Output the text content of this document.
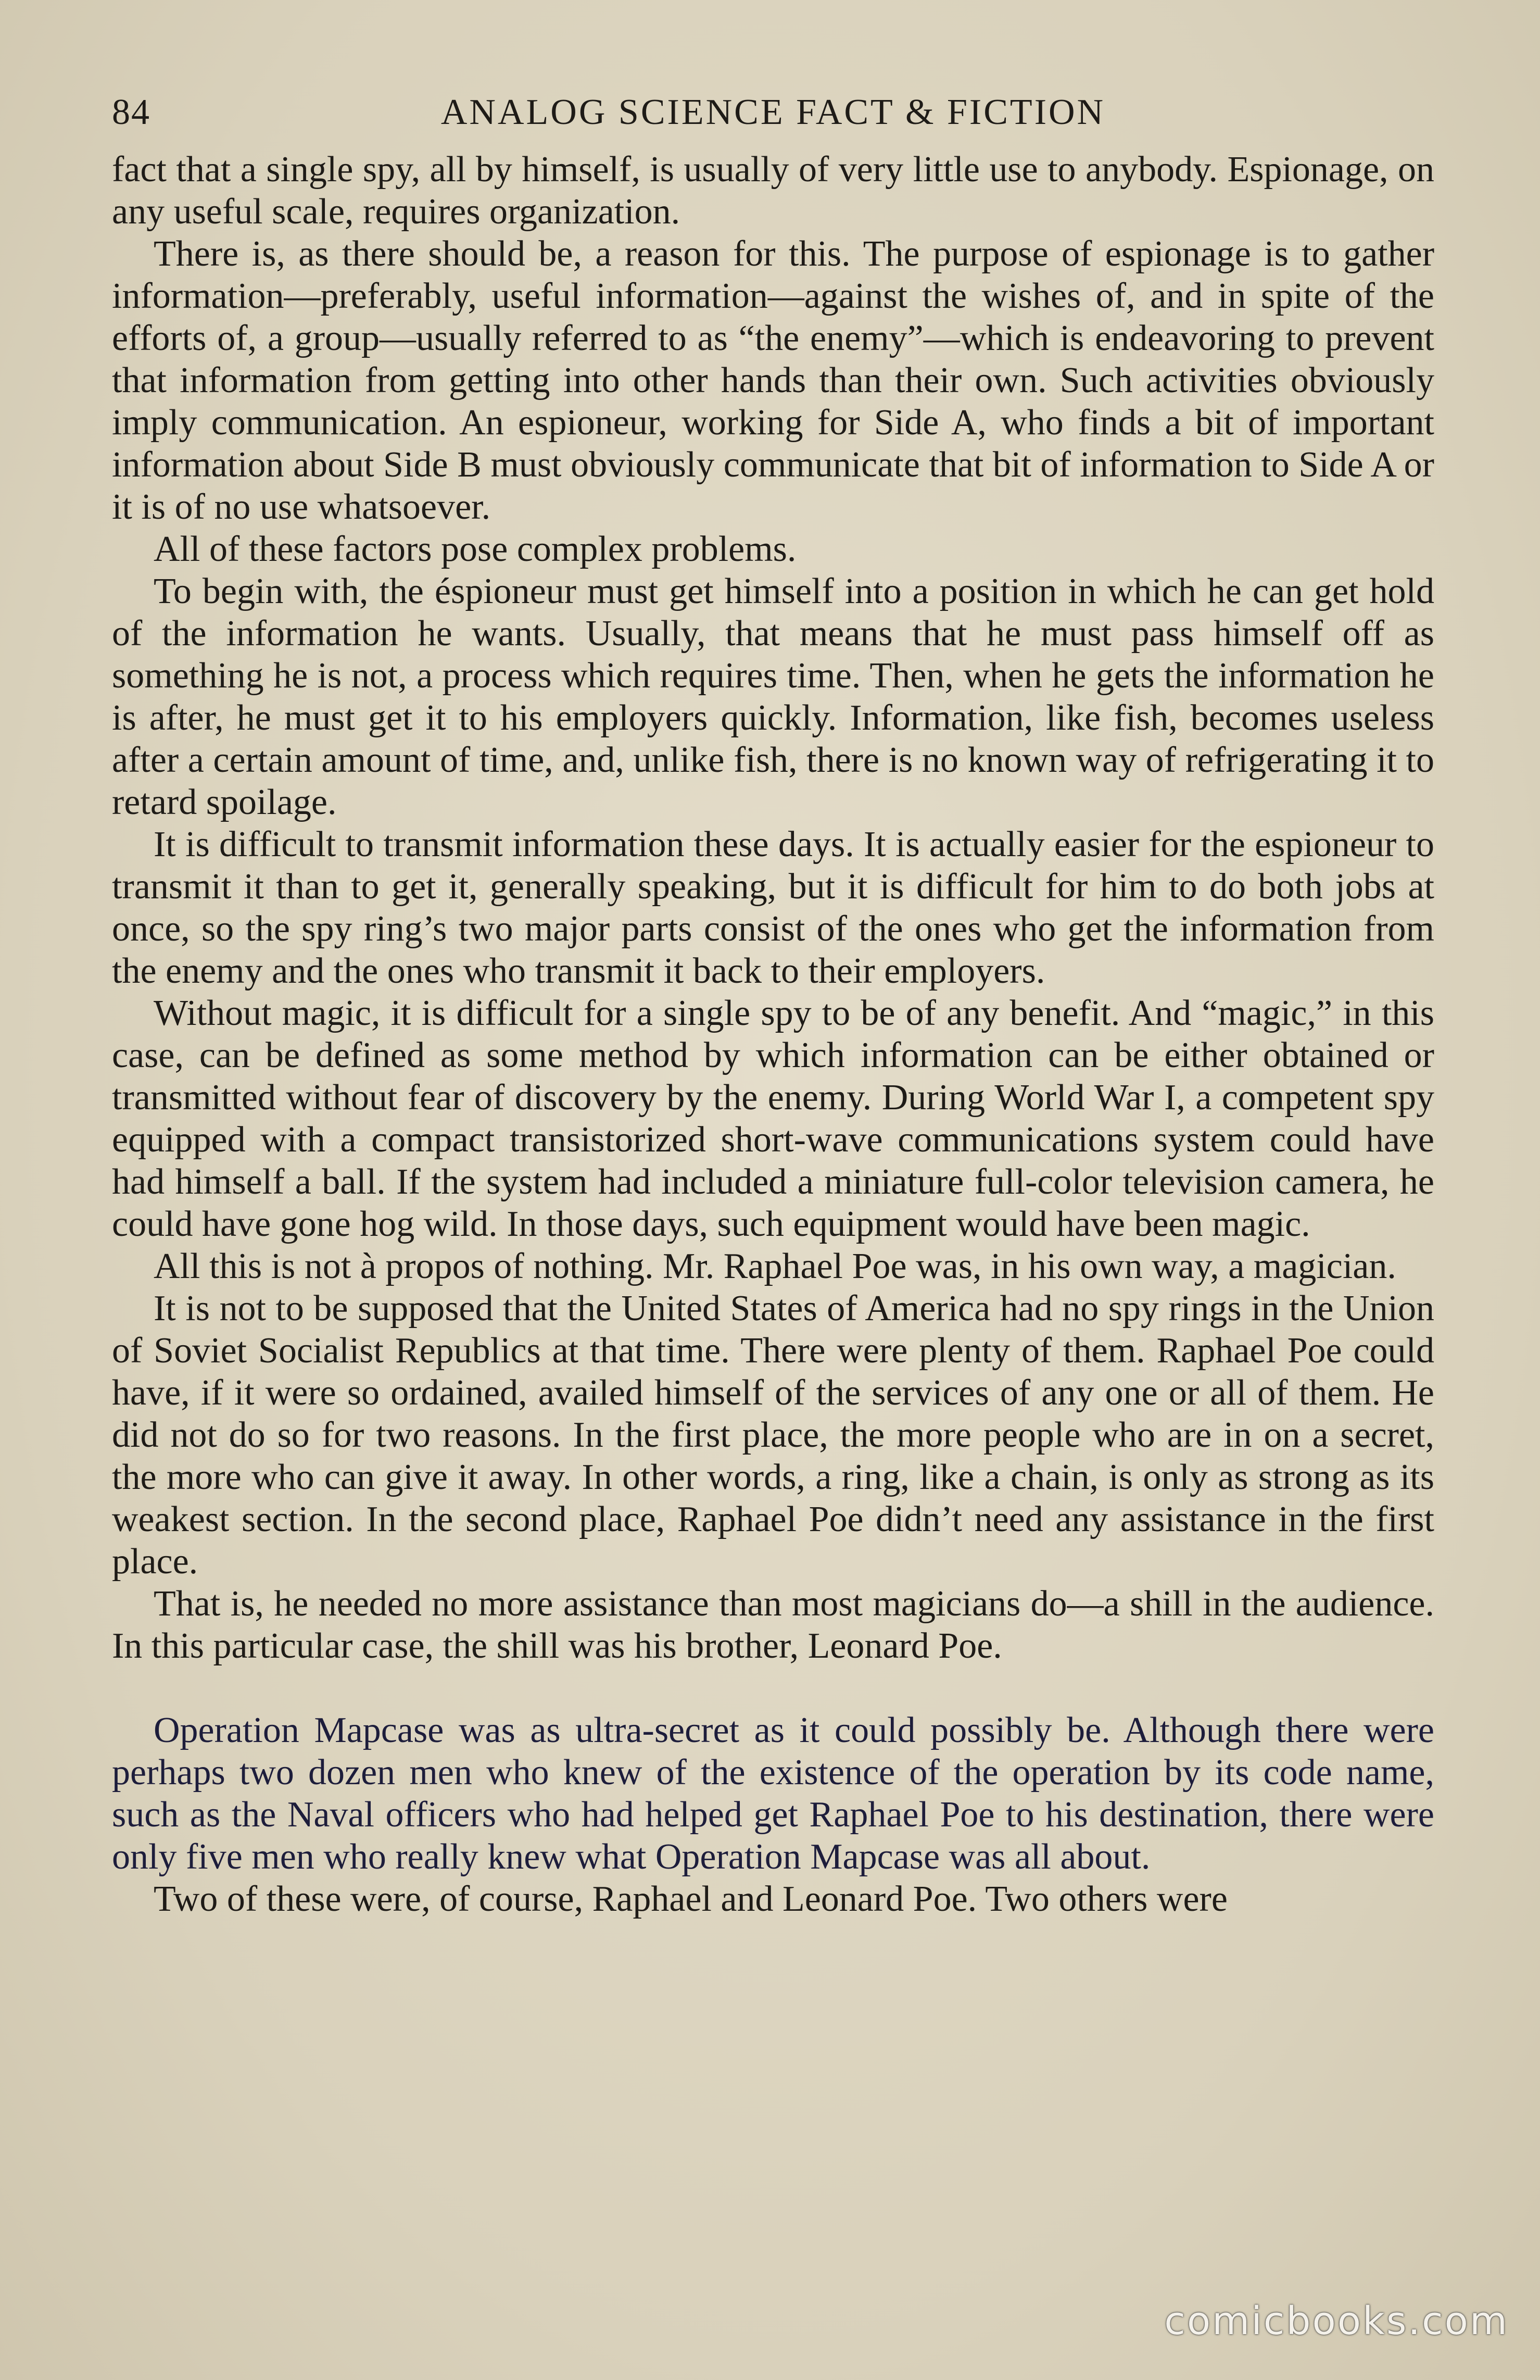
84	ANALOG SCIENCE FACT & FICTION

fact that a single spy, all by himself, is usually of very little use to anybody. Espionage, on any useful scale, requires organization.

There is, as there should be, a reason for this. The purpose of espionage is to gather information—preferably, useful information—against the wishes of, and in spite of the efforts of, a group—usually referred to as “the enemy”—which is endeavoring to prevent that information from getting into other hands than their own. Such activities obviously imply communication. An espioneur, working for Side A, who finds a bit of important information about Side B must obviously communicate that bit of information to Side A or it is of no use whatsoever.

All of these factors pose complex problems.

To begin with, the éspioneur must get himself into a position in which he can get hold of the information he wants. Usually, that means that he must pass himself off as something he is not, a process which requires time. Then, when he gets the information he is after, he must get it to his employers quickly. Information, like fish, becomes useless after a certain amount of time, and, unlike fish, there is no known way of refrigerating it to retard spoilage.

It is difficult to transmit information these days. It is actually easier for the espioneur to transmit it than to get it, generally speaking, but it is difficult for him to do both jobs at once, so the spy ring’s two major parts consist of the ones who get the information from the enemy and the ones who transmit it back to their employers.

Without magic, it is difficult for a single spy to be of any benefit. And “magic,” in this case, can be defined as some method by which information can be either obtained or transmitted without fear of discovery by the enemy. During World War I, a competent spy equipped with a compact transistorized short-wave communications system could have had himself a ball. If the system had included a miniature full-color television camera, he could have gone hog wild. In those days, such equipment would have been magic.

All this is not à propos of nothing. Mr. Raphael Poe was, in his own way, a magician.

It is not to be supposed that the United States of America had no spy rings in the Union of Soviet Socialist Republics at that time. There were plenty of them. Raphael Poe could have, if it were so ordained, availed himself of the services of any one or all of them. He did not do so for two reasons. In the first place, the more people who are in on a secret, the more who can give it away. In other words, a ring, like a chain, is only as strong as its weakest section. In the second place, Raphael Poe didn’t need any assistance in the first place.

That is, he needed no more assistance than most magicians do—a shill in the audience. In this particular case, the shill was his brother, Leonard Poe.

Operation Mapcase was as ultra-secret as it could possibly be. Although there were perhaps two dozen men who knew of the existence of the operation by its code name, such as the Naval officers who had helped get Raphael Poe to his destination, there were only five men who really knew what Operation Mapcase was all about.

Two of these were, of course, Raphael and Leonard Poe. Two others were

comicbooks.com
